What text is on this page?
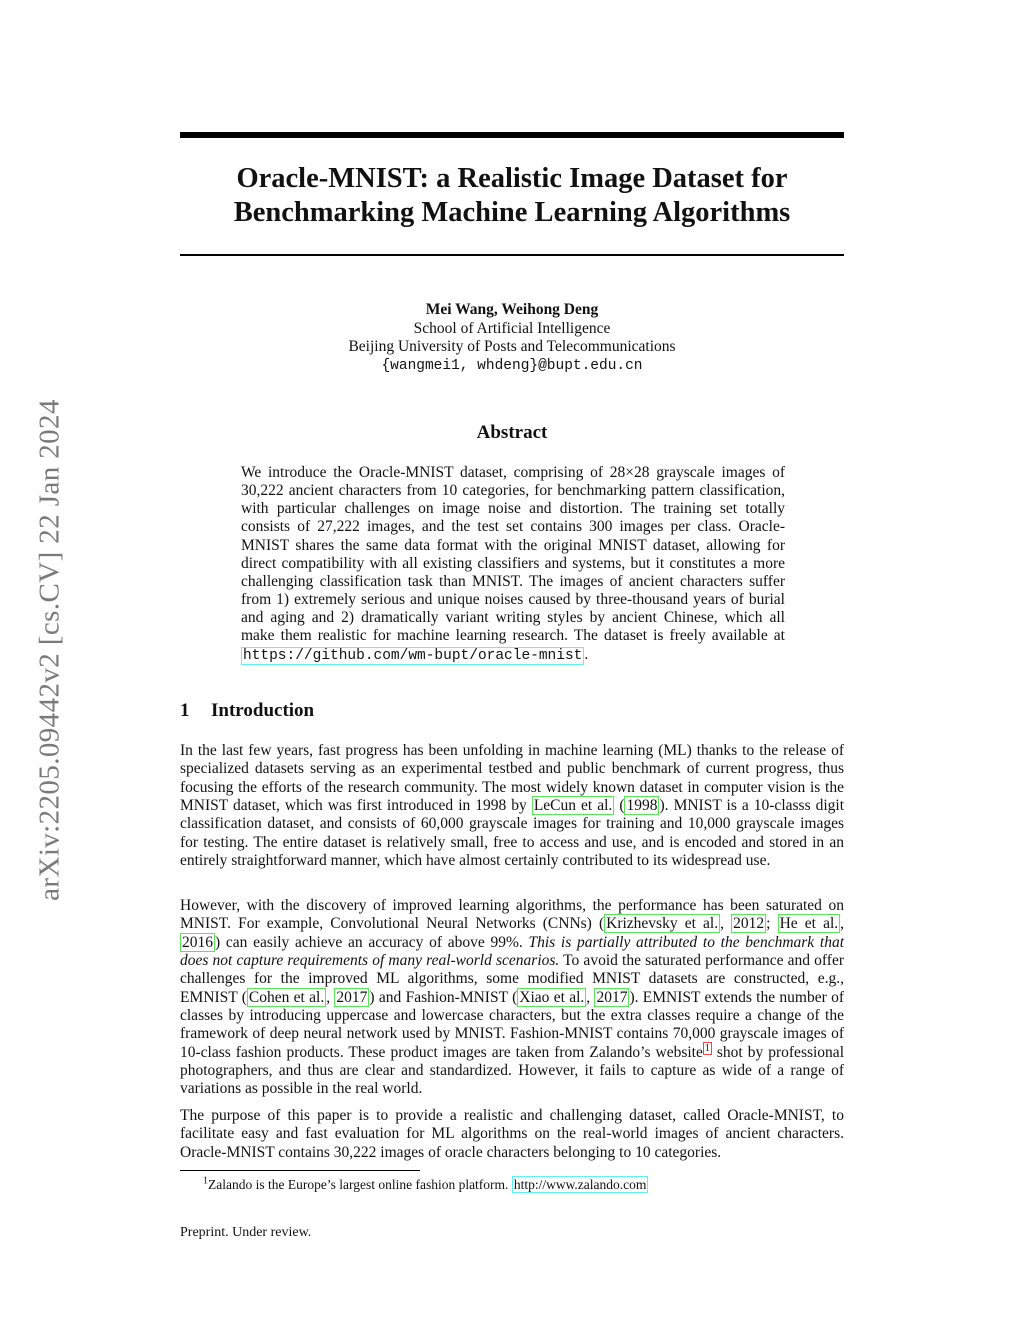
arXiv:2205.09442v2 [cs.CV] 22 Jan 2024
Oracle-MNIST: a Realistic Image Dataset for
Benchmarking Machine Learning Algorithms
Mei Wang, Weihong Deng
School of Artificial Intelligence
Beijing University of Posts and Telecommunications
{wangmei1, whdeng}@bupt.edu.cn
Abstract

We introduce the Oracle-MNIST dataset, comprising of 28×28 grayscale images of 30,222 ancient characters from 10 categories, for benchmarking pattern classification, with particular challenges on image noise and distortion. The training set totally consists of 27,222 images, and the test set contains 300 images per class. Oracle-MNIST shares the same data format with the original MNIST dataset, allowing for direct compatibility with all existing classifiers and systems, but it constitutes a more challenging classification task than MNIST. The images of ancient characters suffer from 1) extremely serious and unique noises caused by three-thousand years of burial and aging and 2) dramatically variant writing styles by ancient Chinese, which all make them realistic for machine learning research. The dataset is freely available at https://github.com/wm-bupt/oracle-mnist .

1 Introduction

In the last few years, fast progress has been unfolding in machine learning (ML) thanks to the release of specialized datasets serving as an experimental testbed and public benchmark of current progress, thus focusing the efforts of the research community. The most widely known dataset in computer vision is the MNIST dataset, which was first introduced in 1998 by LeCun et al. ( 1998 ). MNIST is a 10-classs digit classification dataset, and consists of 60,000 grayscale images for training and 10,000 grayscale images for testing. The entire dataset is relatively small, free to access and use, and is encoded and stored in an entirely straightforward manner, which have almost certainly contributed to its widespread use.

However, with the discovery of improved learning algorithms, the performance has been saturated on MNIST. For example, Convolutional Neural Networks (CNNs) ( Krizhevsky et al. , 2012 ; He et al. , 2016 ) can easily achieve an accuracy of above 99%. This is partially attributed to the benchmark that does not capture requirements of many real-world scenarios. To avoid the saturated performance and offer challenges for the improved ML algorithms, some modified MNIST datasets are constructed, e.g., EMNIST ( Cohen et al. , 2017 ) and Fashion-MNIST ( Xiao et al. , 2017 ). EMNIST extends the number of classes by introducing uppercase and lowercase characters, but the extra classes require a change of the framework of deep neural network used by MNIST. Fashion-MNIST contains 70,000 grayscale images of 10-class fashion products. These product images are taken from Zalando’s website $^1$ shot by professional photographers, and thus are clear and standardized. However, it fails to capture as wide of a range of variations as possible in the real world.

The purpose of this paper is to provide a realistic and challenging dataset, called Oracle-MNIST, to facilitate easy and fast evaluation for ML algorithms on the real-world images of ancient characters. Oracle-MNIST contains 30,222 images of oracle characters belonging to 10 categories.

$^1$Zalando is the Europe’s largest online fashion platform. http://www.zalando.com
Preprint. Under review.
